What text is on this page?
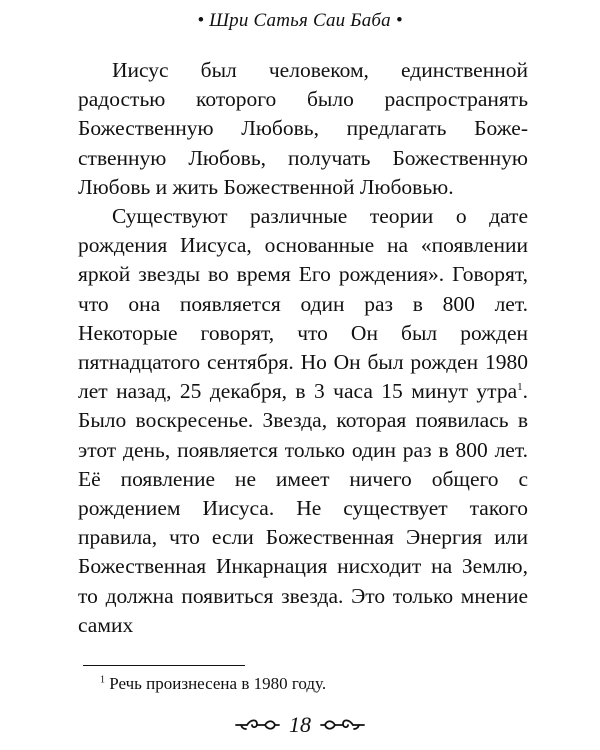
• Шри Сатья Саи Баба •

Иисус был человеком, единственной радостью которого было распространять Божественную Любовь, предлагать Божественную Любовь, получать Божественную Любовь и жить Божественной Любовью.

Существуют различные теории о дате рождения Иисуса, основанные на «появлении яркой звезды во время Его рождения». Говорят, что она появляется один раз в 800 лет. Некоторые говорят, что Он был рожден пятнадцатого сентября. Но Он был рожден 1980 лет назад, 25 декабря, в 3 часа 15 минут утра$^1$. Было воскресенье. Звезда, которая появилась в этот день, появляется только один раз в 800 лет. Её появление не имеет ничего общего с рождением Иисуса. Не существует такого правила, что если Божественная Энергия или Божественная Инкарнация нисходит на Землю, то должна появиться звезда. Это только мнение самих

$^1$ Речь произнесена в 1980 году.
18
